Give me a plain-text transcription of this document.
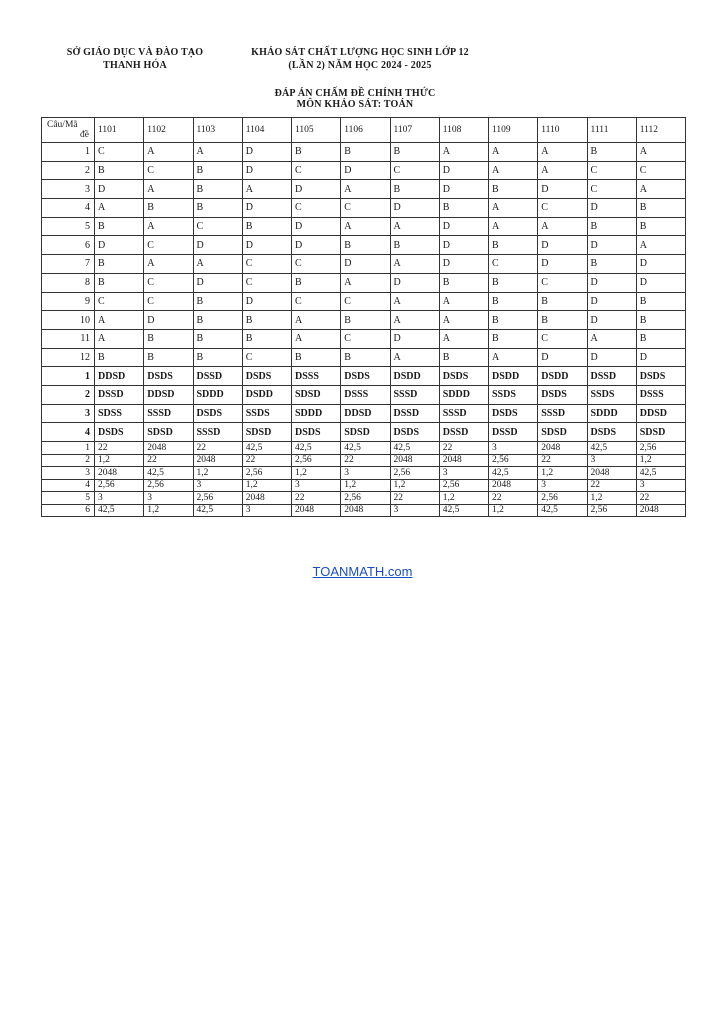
SỞ GIÁO DỤC VÀ ĐÀO TẠO
THANH HÓA
KHẢO SÁT CHẤT LƯỢNG HỌC SINH LỚP 12
(LẦN 2) NĂM HỌC 2024 - 2025
ĐÁP ÁN CHẤM ĐỀ CHÍNH THỨC
MÔN KHẢO SÁT: TOÁN
Câu/Mã
đề	1101	1102	1103	1104	1105	1106	1107	1108	1109	1110	1111	1112
1	C	A	A	D	B	B	B	A	A	A	B	A
2	B	C	B	D	C	D	C	D	A	A	C	C
3	D	A	B	A	D	A	B	D	B	D	C	A
4	A	B	B	D	C	C	D	B	A	C	D	B
5	B	A	C	B	D	A	A	D	A	A	B	B
6	D	C	D	D	D	B	B	D	B	D	D	A
7	B	A	A	C	C	D	A	D	C	D	B	D
8	B	C	D	C	B	A	D	B	B	C	D	D
9	C	C	B	D	C	C	A	A	B	B	D	B
10	A	D	B	B	A	B	A	A	B	B	D	B
11	A	B	B	B	A	C	D	A	B	C	A	B
12	B	B	B	C	B	B	A	B	A	D	D	D
1	DDSD	DSDS	DSSD	DSDS	DSSS	DSDS	DSDD	DSDS	DSDD	DSDD	DSSD	DSDS
2	DSSD	DDSD	SDDD	DSDD	SDSD	DSSS	SSSD	SDDD	SSDS	DSDS	SSDS	DSSS
3	SDSS	SSSD	DSDS	SSDS	SDDD	DDSD	DSSD	SSSD	DSDS	SSSD	SDDD	DDSD
4	DSDS	SDSD	SSSD	SDSD	DSDS	SDSD	DSDS	DSSD	DSSD	SDSD	DSDS	SDSD
1	22	2048	22	42,5	42,5	42,5	42,5	22	3	2048	42,5	2,56
2	1,2	22	2048	22	2,56	22	2048	2048	2,56	22	3	1,2
3	2048	42,5	1,2	2,56	1,2	3	2,56	3	42,5	1,2	2048	42,5
4	2,56	2,56	3	1,2	3	1,2	1,2	2,56	2048	3	22	3
5	3	3	2,56	2048	22	2,56	22	1,2	22	2,56	1,2	22
6	42,5	1,2	42,5	3	2048	2048	3	42,5	1,2	42,5	2,56	2048
TOANMATH.com
